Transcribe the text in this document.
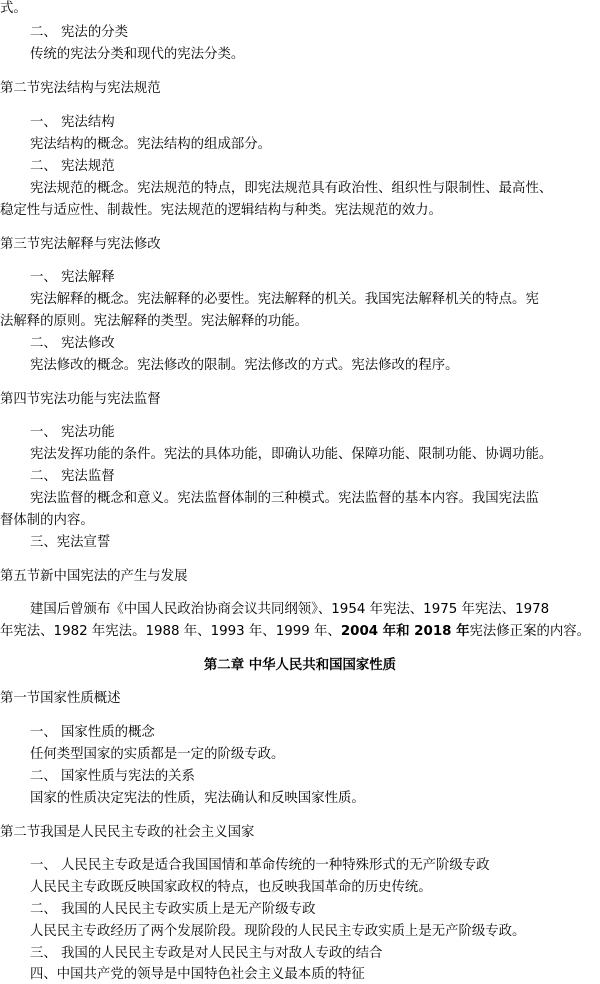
式。
二、 宪法的分类
传统的宪法分类和现代的宪法分类。
第二节宪法结构与宪法规范
一、 宪法结构
宪法结构的概念。宪法结构的组成部分。
二、 宪法规范
宪法规范的概念。宪法规范的特点，即宪法规范具有政治性、组织性与限制性、最高性、
稳定性与适应性、制裁性。宪法规范的逻辑结构与种类。宪法规范的效力。
第三节宪法解释与宪法修改
一、 宪法解释
宪法解释的概念。宪法解释的必要性。宪法解释的机关。我国宪法解释机关的特点。宪
法解释的原则。宪法解释的类型。宪法解释的功能。
二、 宪法修改
宪法修改的概念。宪法修改的限制。宪法修改的方式。宪法修改的程序。
第四节宪法功能与宪法监督
一、 宪法功能
宪法发挥功能的条件。宪法的具体功能，即确认功能、保障功能、限制功能、协调功能。
二、 宪法监督
宪法监督的概念和意义。宪法监督体制的三种模式。宪法监督的基本内容。我国宪法监
督体制的内容。
三、宪法宣誓
第五节新中国宪法的产生与发展
建国后曾颁布《中国人民政治协商会议共同纲领》、1954 年宪法、1975 年宪法、1978
年宪法、1982 年宪法。1988 年、1993 年、1999 年、2004 年和 2018 年宪法修正案的内容。
第二章 中华人民共和国国家性质
第一节国家性质概述
一、 国家性质的概念
任何类型国家的实质都是一定的阶级专政。
二、 国家性质与宪法的关系
国家的性质决定宪法的性质，宪法确认和反映国家性质。
第二节我国是人民民主专政的社会主义国家
一、 人民民主专政是适合我国国情和革命传统的一种特殊形式的无产阶级专政
人民民主专政既反映国家政权的特点，也反映我国革命的历史传统。
二、 我国的人民民主专政实质上是无产阶级专政
人民民主专政经历了两个发展阶段。现阶段的人民民主专政实质上是无产阶级专政。
三、 我国的人民民主专政是对人民民主与对敌人专政的结合
四、中国共产党的领导是中国特色社会主义最本质的特征
